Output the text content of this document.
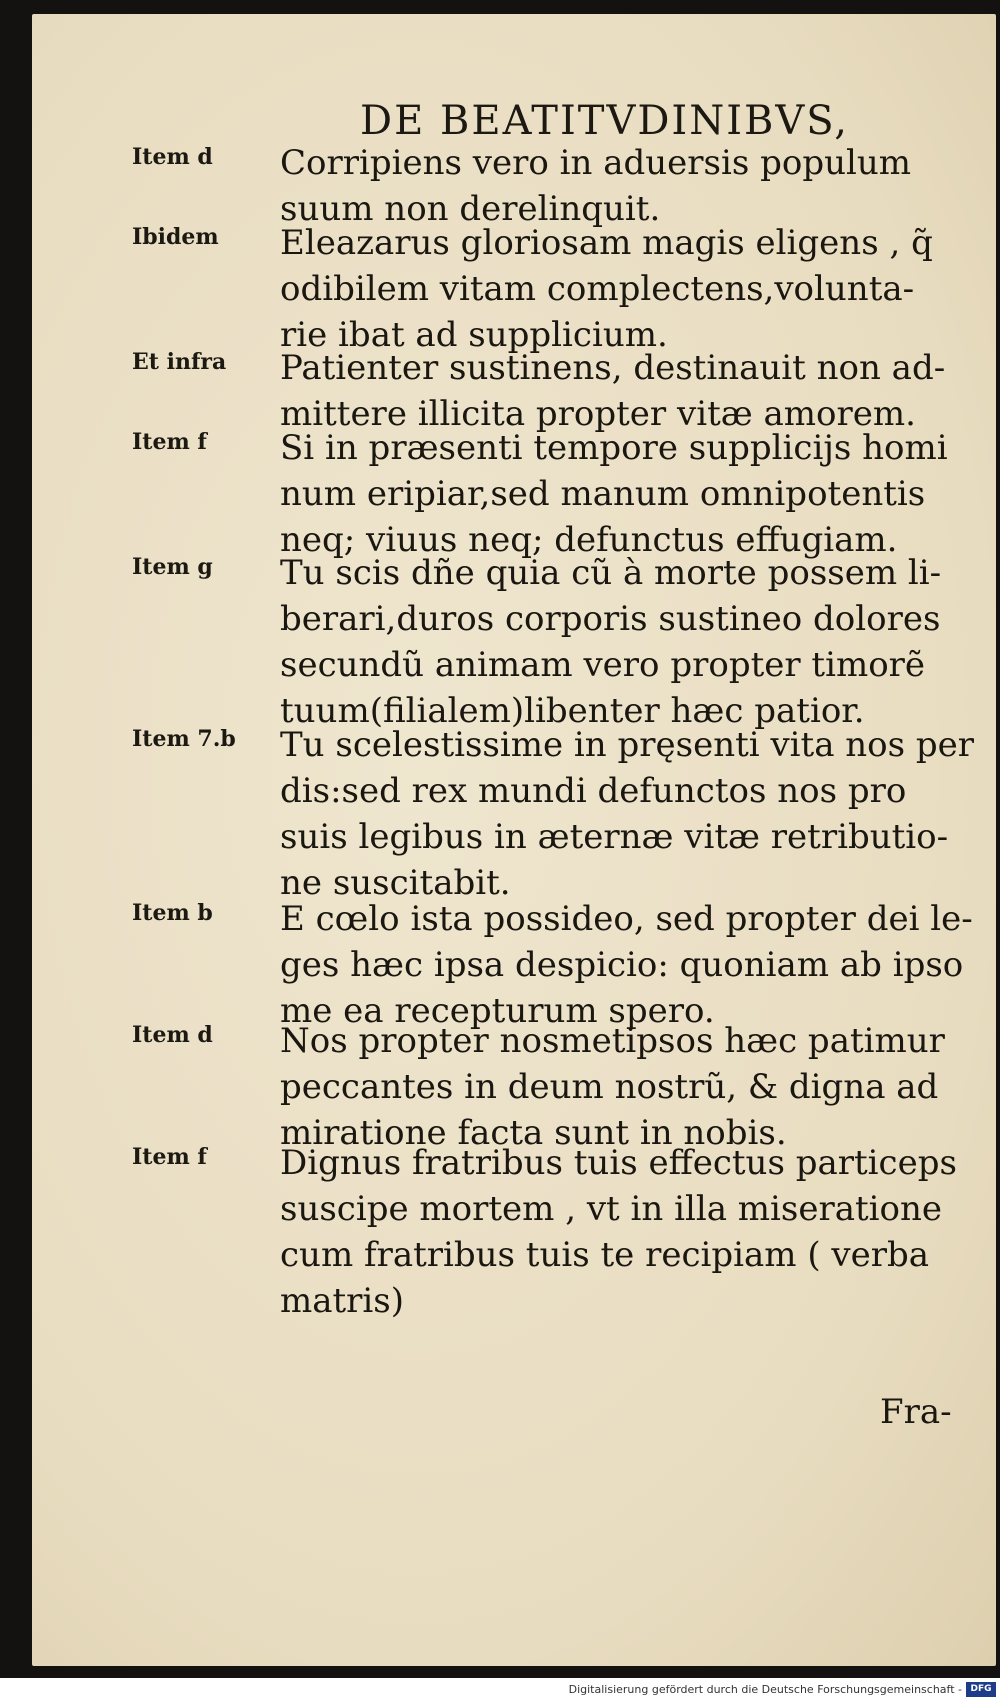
DE BEATITVDINIBVS,
Item d Corripiens vero in aduersis populum
suum non derelinquit.
Ibidem Eleazarus gloriosam magis eligens , q̃
odibilem vitam complectens,volunta-
rie ibat ad supplicium.
Et infra Patienter sustinens, destinauit non ad-
mittere illicita propter vitæ amorem.
Item f Si in præsenti tempore supplicijs homi
num eripiar,sed manum omnipotentis
neq; viuus neq; defunctus effugiam.
Item g Tu scis dñe quia cũ à morte possem li-
berari,duros corporis sustineo dolores
secundũ animam vero propter timorẽ
tuum(filialem)libenter hæc patior.
Item 7.b Tu scelestissime in pręsenti vita nos per
dis:sed rex mundi defunctos nos pro
suis legibus in æternæ vitæ retributio-
ne suscitabit.
Item b E cœlo ista possideo, sed propter dei le-
ges hæc ipsa despicio: quoniam ab ipso
me ea recepturum spero.
Item d Nos propter nosmetipsos hæc patimur
peccantes in deum nostrũ, & digna ad
miratione facta sunt in nobis.
Item f Dignus fratribus tuis effectus particeps
suscipe mortem , vt in illa miseratione
cum fratribus tuis te recipiam ( verba
matris)
Fra-
Digitalisierung gefördert durch die Deutsche Forschungsgemeinschaft - DFG
